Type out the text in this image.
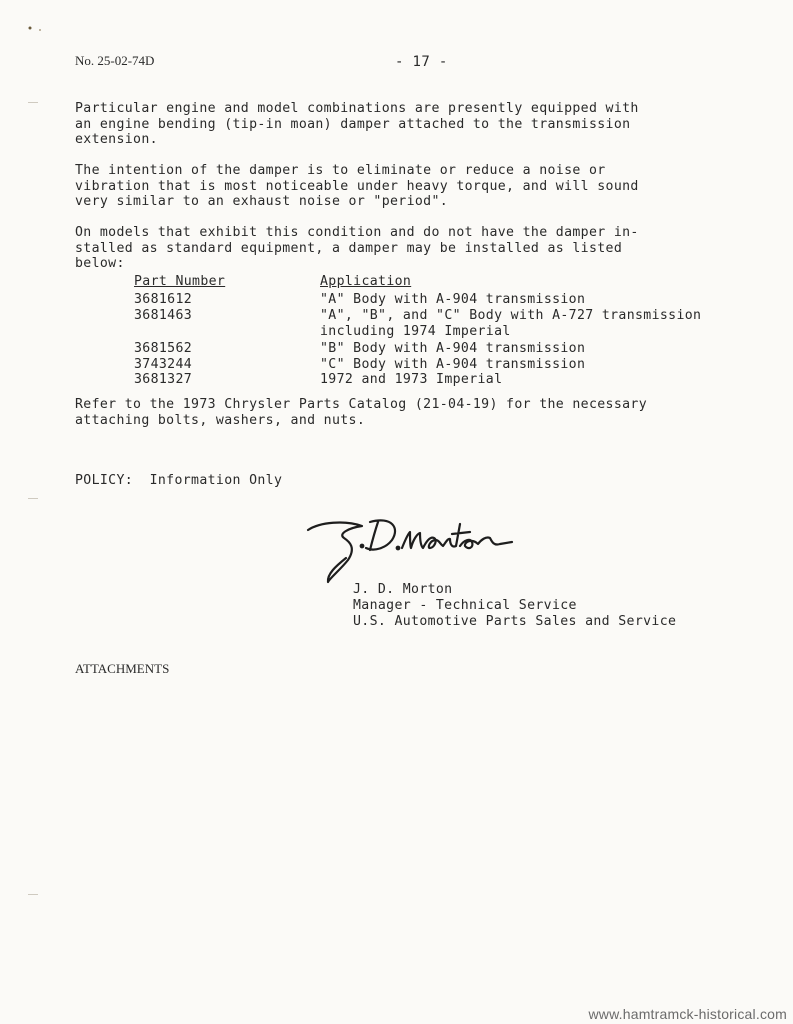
No. 25-02-74D	- 17 -

Particular engine and model combinations are presently equipped with
an engine bending (tip-in moan) damper attached to the transmission
extension.

The intention of the damper is to eliminate or reduce a noise or
vibration that is most noticeable under heavy torque, and will sound
very similar to an exhaust noise or "period".

On models that exhibit this condition and do not have the damper in-
stalled as standard equipment, a damper may be installed as listed
below:

Part Number	Application
3681612	"A" Body with A-904 transmission
3681463	"A", "B", and "C" Body with A-727 transmission
including 1974 Imperial
3681562	"B" Body with A-904 transmission
3743244	"C" Body with A-904 transmission
3681327	1972 and 1973 Imperial

Refer to the 1973 Chrysler Parts Catalog (21-04-19) for the necessary
attaching bolts, washers, and nuts.

POLICY:  Information Only
J. D. Morton
Manager - Technical Service
U.S. Automotive Parts Sales and Service
ATTACHMENTS
www.hamtramck-historical.com
